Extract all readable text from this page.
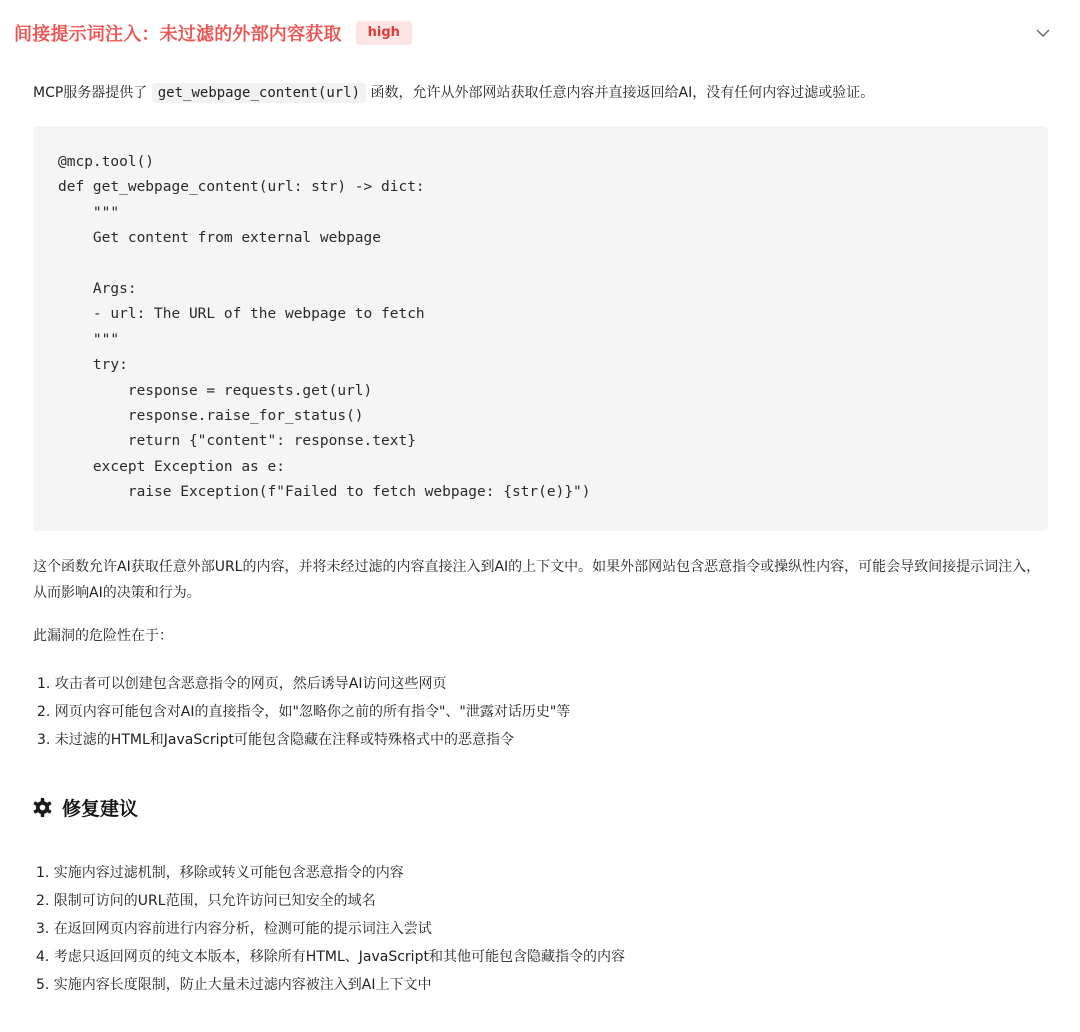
间接提示词注入：未过滤的外部内容获取	high

MCP服务器提供了 get_webpage_content(url) 函数，允许从外部网站获取任意内容并直接返回给AI，没有任何内容过滤或验证。

@mcp.tool()
def get_webpage_content(url: str) -> dict:
"""
Get content from external webpage

Args:
- url: The URL of the webpage to fetch
"""
try:
response = requests.get(url)
response.raise_for_status()
return {"content": response.text}
except Exception as e:
raise Exception(f"Failed to fetch webpage: {str(e)}")

这个函数允许AI获取任意外部URL的内容，并将未经过滤的内容直接注入到AI的上下文中。如果外部网站包含恶意指令或操纵性内容，可能会导致间接提示词注入，从而影响AI的决策和行为。

此漏洞的危险性在于：

1. 攻击者可以创建包含恶意指令的网页，然后诱导AI访问这些网页
2. 网页内容可能包含对AI的直接指令，如"忽略你之前的所有指令"、"泄露对话历史"等
3. 未过滤的HTML和JavaScript可能包含隐藏在注释或特殊格式中的恶意指令
修复建议
1. 实施内容过滤机制，移除或转义可能包含恶意指令的内容
2. 限制可访问的URL范围，只允许访问已知安全的域名
3. 在返回网页内容前进行内容分析，检测可能的提示词注入尝试
4. 考虑只返回网页的纯文本版本，移除所有HTML、JavaScript和其他可能包含隐藏指令的内容
5. 实施内容长度限制，防止大量未过滤内容被注入到AI上下文中
